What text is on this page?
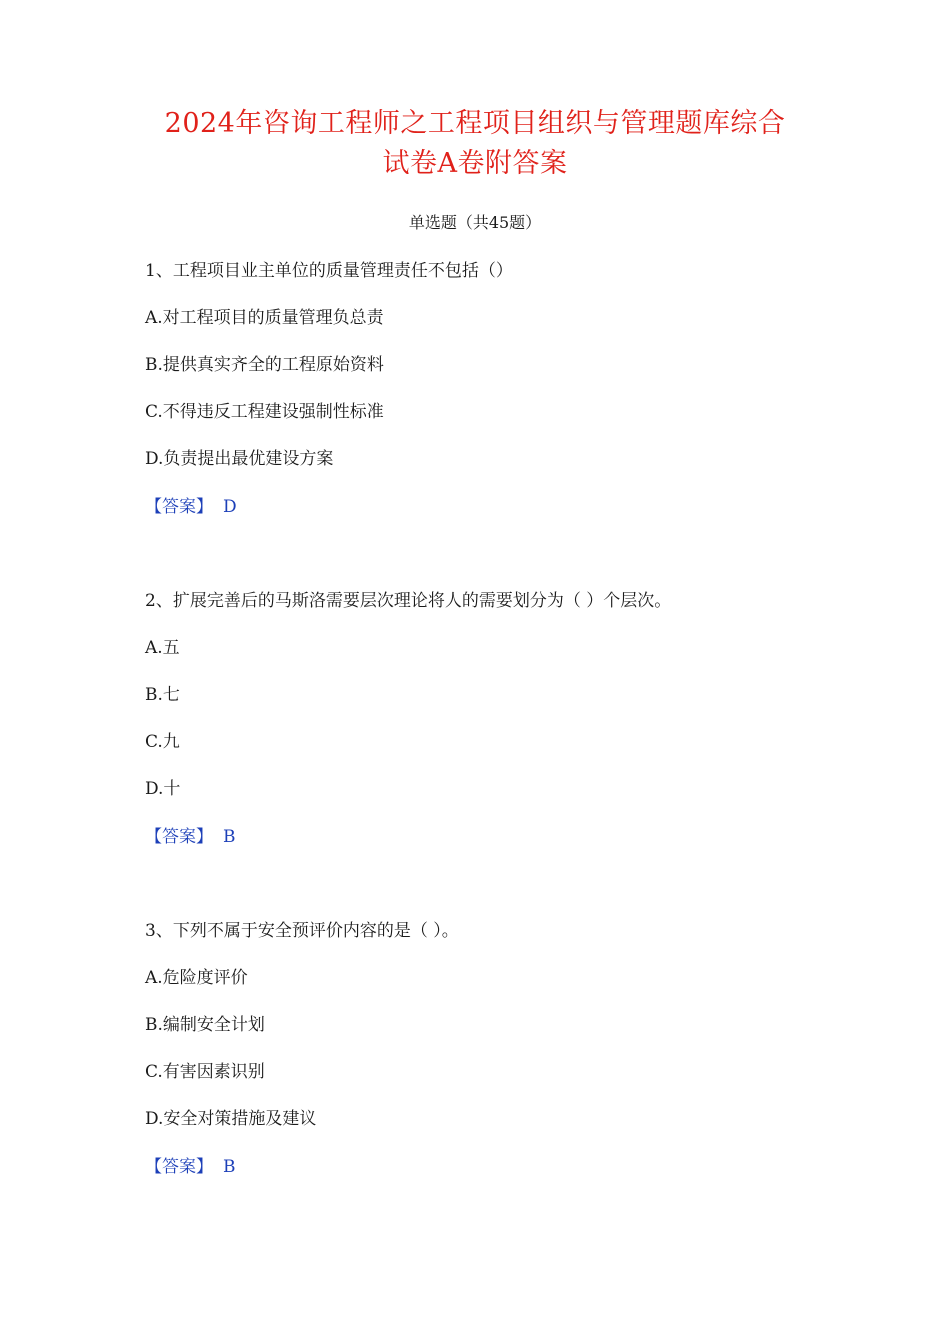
2024年咨询工程师之工程项目组织与管理题库综合
试卷A卷附答案
单选题（共45题）
1、工程项目业主单位的质量管理责任不包括（）
A.对工程项目的质量管理负总责
B.提供真实齐全的工程原始资料
C.不得违反工程建设强制性标准
D.负责提出最优建设方案
【答案】 D
2、扩展完善后的马斯洛需要层次理论将人的需要划分为（ ）个层次。
A.五
B.七
C.九
D.十
【答案】 B
3、下列不属于安全预评价内容的是（ ）。
A.危险度评价
B.编制安全计划
C.有害因素识别
D.安全对策措施及建议
【答案】 B
